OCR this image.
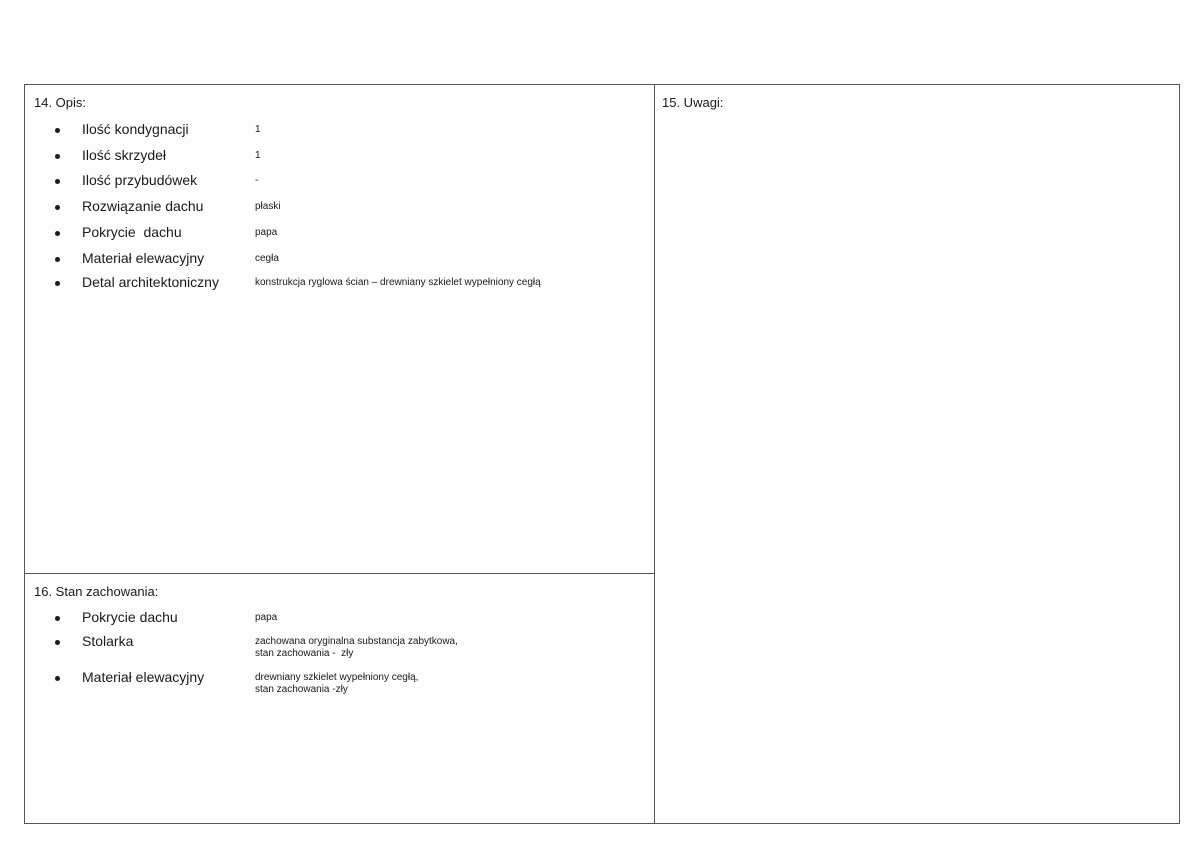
14. Opis:
Ilość kondygnacji	1
Ilość skrzydeł	1
Ilość przybudówek	-
Rozwiązanie dachu	płaski
Pokrycie  dachu	papa
Materiał elewacyjny	cegła
Detal architektoniczny	konstrukcja ryglowa ścian – drewniany szkielet wypełniony cegłą
16. Stan zachowania:
Pokrycie dachu	papa
Stolarka	zachowana oryginalna substancja zabytkowa,
stan zachowania -  zły
Materiał elewacyjny	drewniany szkielet wypełniony cegłą,
stan zachowania -zły
15. Uwagi:
